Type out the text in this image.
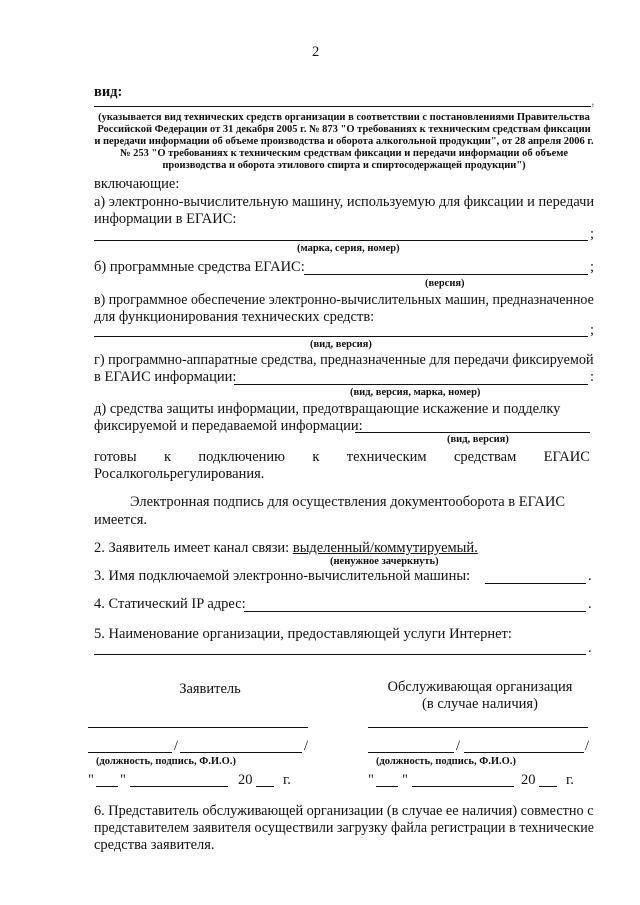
2
вид:
,
(указывается вид технических средств организации в соответствии с постановлениями Правительства
Российской Федерации от 31 декабря 2005 г. № 873 "О требованиях к техническим средствам фиксации
и передачи информации об объеме производства и оборота алкогольной продукции", от 28 апреля 2006 г.
№ 253 "О требованиях к техническим средствам фиксации и передачи информации об объеме
производства и оборота этилового спирта и спиртосодержащей продукции")
включающие:
а) электронно-вычислительную машину, используемую для фиксации и передачи
информации в ЕГАИС:
;
(марка, серия, номер)
б) программные средства ЕГАИС:	;
(версия)
в) программное обеспечение электронно-вычислительных машин, предназначенное
для функционирования технических средств:
;
(вид, версия)
г) программно-аппаратные средства, предназначенные для передачи фиксируемой
в ЕГАИС информации:	:
(вид, версия, марка, номер)
д) средства защиты информации, предотвращающие искажение и подделку
фиксируемой и передаваемой информации:
(вид, версия)
готовы к подключению к техническим средствам ЕГАИС
Росалкогольрегулирования.
Электронная подпись для осуществления документооборота в ЕГАИС
имеется.
2. Заявитель имеет канал связи: выделенный/коммутируемый.
(ненужное зачеркнуть)
3. Имя подключаемой электронно-вычислительной машины:	.
4. Статический IP адрес:	.
5. Наименование организации, предоставляющей услуги Интернет:
.
Заявитель	Обслуживающая организация
(в случае наличия)
/	/
(должность, подпись, Ф.И.О.)
/	/
(должность, подпись, Ф.И.О.)
" "	20 г.	" "	20 г.
6. Представитель обслуживающей организации (в случае ее наличия) совместно с
представителем заявителя осуществили загрузку файла регистрации в технические
средства заявителя.
